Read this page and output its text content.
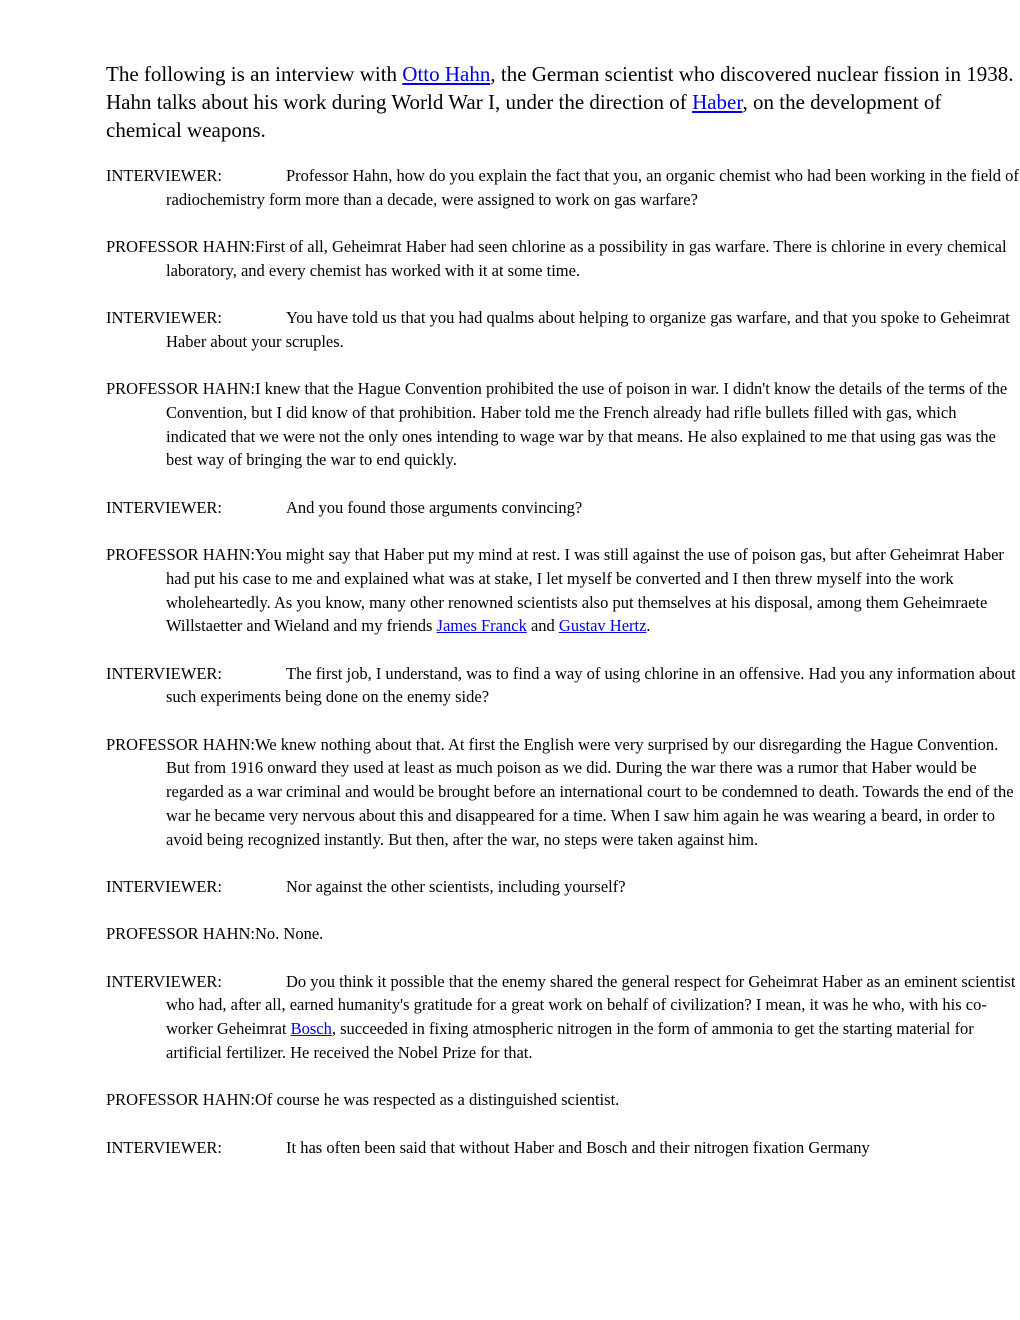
The following is an interview with Otto Hahn, the German scientist who discovered nuclear fission in 1938. Hahn talks about his work during World War I, under the direction of Haber, on the development of chemical weapons.

INTERVIEWER:	Professor Hahn, how do you explain the fact that you, an organic chemist who had been working in the field of radiochemistry form more than a decade, were assigned to work on gas warfare?

PROFESSOR HAHN:First of all, Geheimrat Haber had seen chlorine as a possibility in gas warfare. There is chlorine in every chemical laboratory, and every chemist has worked with it at some time.

INTERVIEWER:	You have told us that you had qualms about helping to organize gas warfare, and that you spoke to Geheimrat Haber about your scruples.

PROFESSOR HAHN:I knew that the Hague Convention prohibited the use of poison in war. I didn't know the details of the terms of the Convention, but I did know of that prohibition. Haber told me the French already had rifle bullets filled with gas, which indicated that we were not the only ones intending to wage war by that means. He also explained to me that using gas was the best way of bringing the war to end quickly.

INTERVIEWER:	And you found those arguments convincing?

PROFESSOR HAHN:You might say that Haber put my mind at rest. I was still against the use of poison gas, but after Geheimrat Haber had put his case to me and explained what was at stake, I let myself be converted and I then threw myself into the work wholeheartedly. As you know, many other renowned scientists also put themselves at his disposal, among them Geheimraete Willstaetter and Wieland and my friends James Franck and Gustav Hertz.

INTERVIEWER:	The first job, I understand, was to find a way of using chlorine in an offensive. Had you any information about such experiments being done on the enemy side?

PROFESSOR HAHN:We knew nothing about that. At first the English were very surprised by our disregarding the Hague Convention. But from 1916 onward they used at least as much poison as we did. During the war there was a rumor that Haber would be regarded as a war criminal and would be brought before an international court to be condemned to death. Towards the end of the war he became very nervous about this and disappeared for a time. When I saw him again he was wearing a beard, in order to avoid being recognized instantly. But then, after the war, no steps were taken against him.

INTERVIEWER:	Nor against the other scientists, including yourself?

PROFESSOR HAHN:No. None.

INTERVIEWER:	Do you think it possible that the enemy shared the general respect for Geheimrat Haber as an eminent scientist who had, after all, earned humanity's gratitude for a great work on behalf of civilization? I mean, it was he who, with his co-worker Geheimrat Bosch, succeeded in fixing atmospheric nitrogen in the form of ammonia to get the starting material for artificial fertilizer. He received the Nobel Prize for that.

PROFESSOR HAHN:Of course he was respected as a distinguished scientist.

INTERVIEWER:	It has often been said that without Haber and Bosch and their nitrogen fixation Germany
